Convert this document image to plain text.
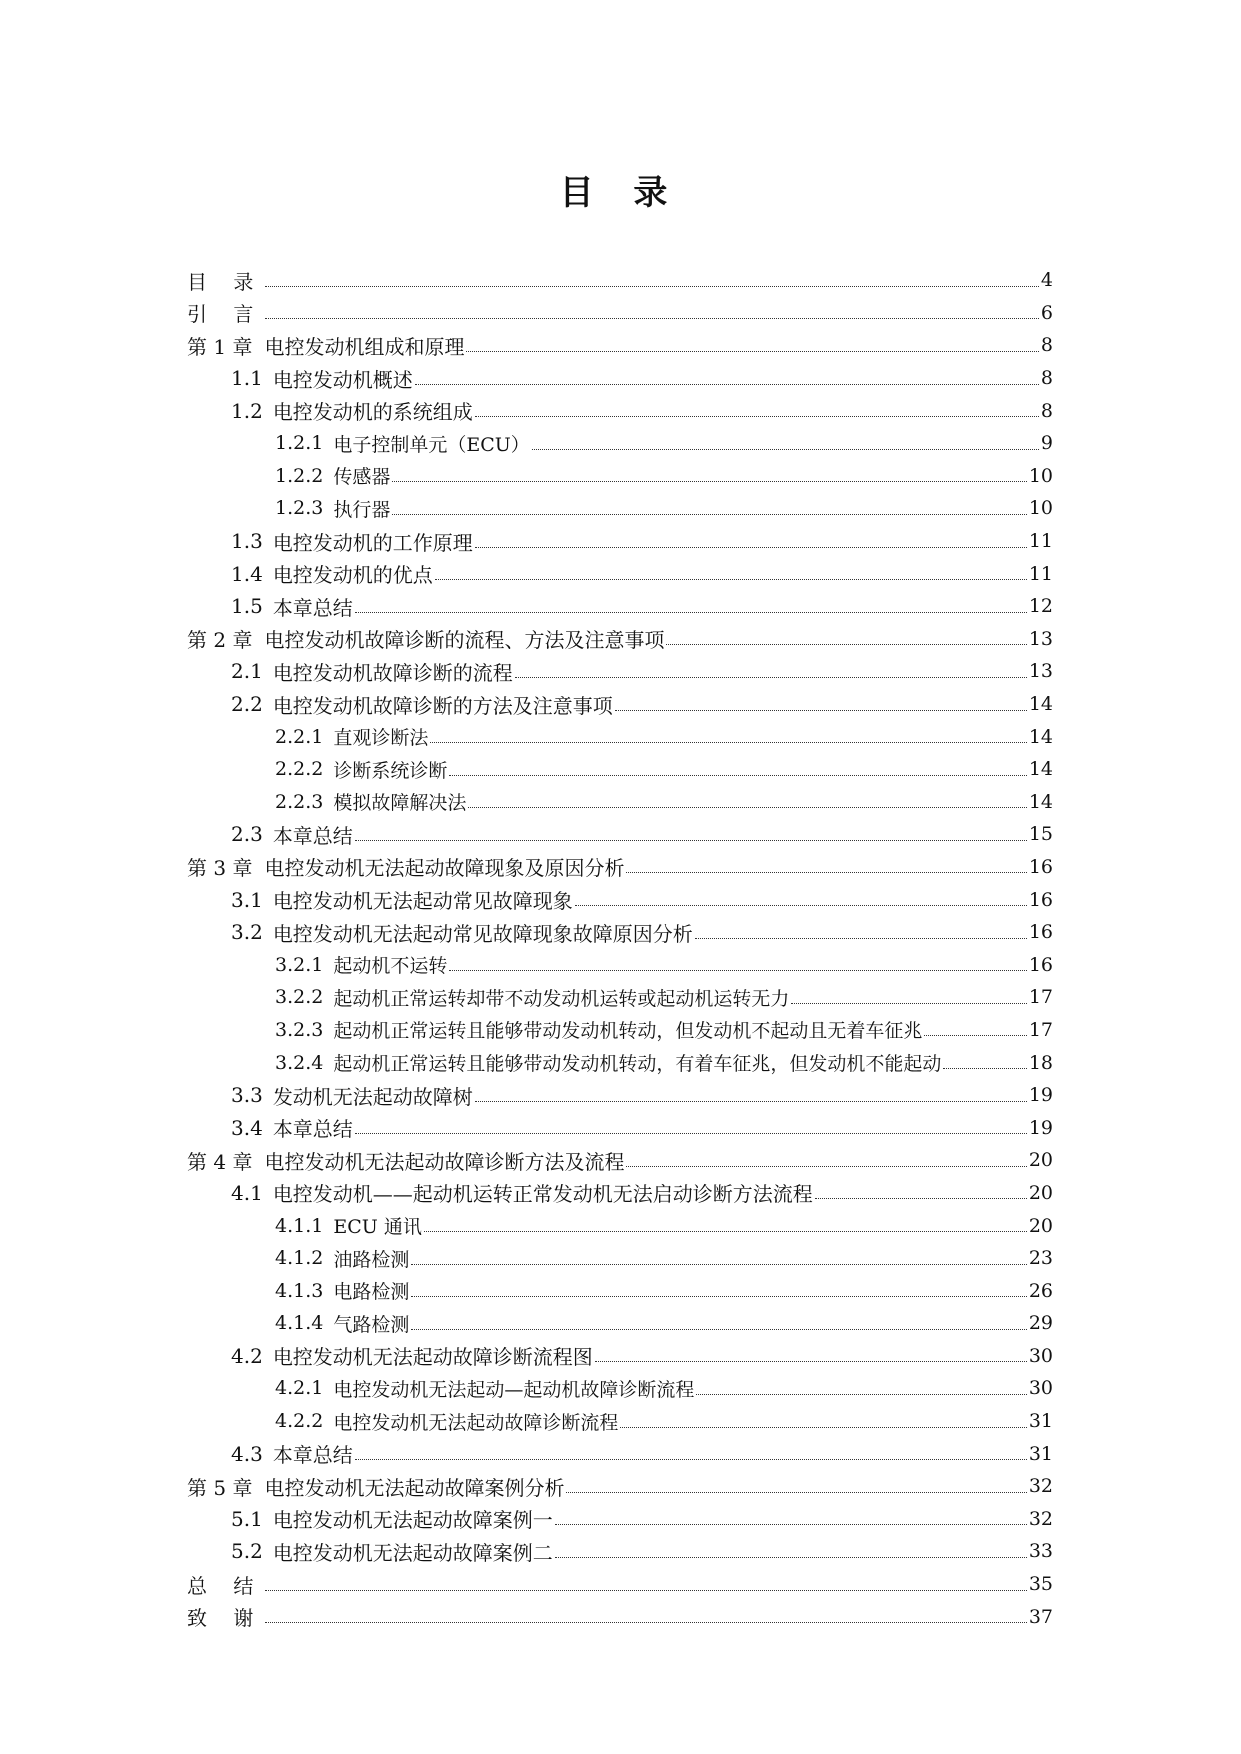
目 录
目 录	4
引 言	6
第 1 章 电控发动机组成和原理	8
1.1 电控发动机概述	8
1.2 电控发动机的系统组成	8
1.2.1 电子控制单元（ECU）	9
1.2.2 传感器	10
1.2.3 执行器	10
1.3 电控发动机的工作原理	11
1.4 电控发动机的优点	11
1.5 本章总结	12
第 2 章 电控发动机故障诊断的流程、方法及注意事项	13
2.1 电控发动机故障诊断的流程	13
2.2 电控发动机故障诊断的方法及注意事项	14
2.2.1 直观诊断法	14
2.2.2 诊断系统诊断	14
2.2.3 模拟故障解决法	14
2.3 本章总结	15
第 3 章 电控发动机无法起动故障现象及原因分析	16
3.1 电控发动机无法起动常见故障现象	16
3.2 电控发动机无法起动常见故障现象故障原因分析	16
3.2.1 起动机不运转	16
3.2.2 起动机正常运转却带不动发动机运转或起动机运转无力	17
3.2.3 起动机正常运转且能够带动发动机转动，但发动机不起动且无着车征兆	17
3.2.4 起动机正常运转且能够带动发动机转动，有着车征兆，但发动机不能起动	18
3.3 发动机无法起动故障树	19
3.4 本章总结	19
第 4 章 电控发动机无法起动故障诊断方法及流程	20
4.1 电控发动机——起动机运转正常发动机无法启动诊断方法流程	20
4.1.1 ECU 通讯	20
4.1.2 油路检测	23
4.1.3 电路检测	26
4.1.4 气路检测	29
4.2 电控发动机无法起动故障诊断流程图	30
4.2.1 电控发动机无法起动—起动机故障诊断流程	30
4.2.2 电控发动机无法起动故障诊断流程	31
4.3 本章总结	31
第 5 章 电控发动机无法起动故障案例分析	32
5.1 电控发动机无法起动故障案例一	32
5.2 电控发动机无法起动故障案例二	33
总 结	35
致 谢	37
